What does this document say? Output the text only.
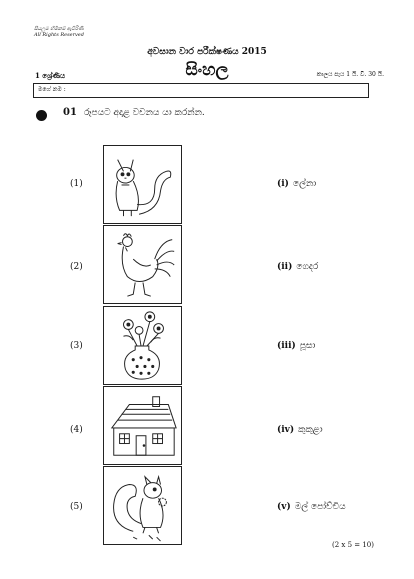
සියලුම හිමිකම් ඇවිරිණි
All Rights Reserved
අවසාන වාර පරීක්ෂණය 2015
1 ශ්‍රේණිය	සිංහල	කාලය පැය 1 යි. වි. 30 යි.
මගේ නම :
01 රූපයට අදාළ වචනය යා කරන්න.
(1)	(i) ලේනා
(2)	(ii) ගෙදර
(3)	(iii) පූසා
(4)	(iv) කුකුළා
(5)	(v) මල් පෝච්චිය
(2 x 5 = 10)
